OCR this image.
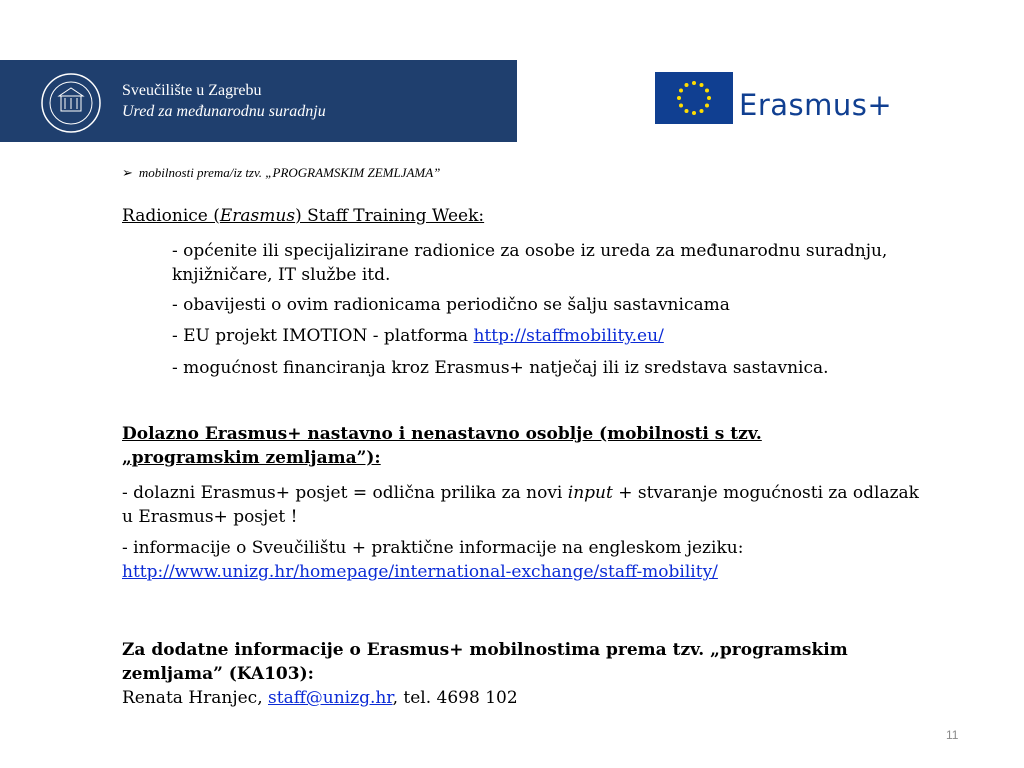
Sveučilište u Zagrebu
Ured za međunarodnu suradnju	Erasmus+
➢ mobilnosti prema/iz tzv. „PROGRAMSKIM ZEMLJAMA”
Radionice (Erasmus) Staff Training Week:
- općenite ili specijalizirane radionice za osobe iz ureda za međunarodnu suradnju,
knjižničare, IT službe itd.
- obavijesti o ovim radionicama periodično se šalju sastavnicama
- EU projekt IMOTION - platforma http://staffmobility.eu/
- mogućnost financiranja kroz Erasmus+ natječaj ili iz sredstava sastavnica.
Dolazno Erasmus+ nastavno i nenastavno osoblje (mobilnosti s tzv.
„programskim zemljama”):
- dolazni Erasmus+ posjet = odlična prilika za novi input + stvaranje mogućnosti za odlazak
u Erasmus+ posjet !
- informacije o Sveučilištu + praktične informacije na engleskom jeziku:
http://www.unizg.hr/homepage/international-exchange/staff-mobility/
Za dodatne informacije o Erasmus+ mobilnostima prema tzv. „programskim
zemljama” (KA103):
Renata Hranjec, staff@unizg.hr, tel. 4698 102
11
